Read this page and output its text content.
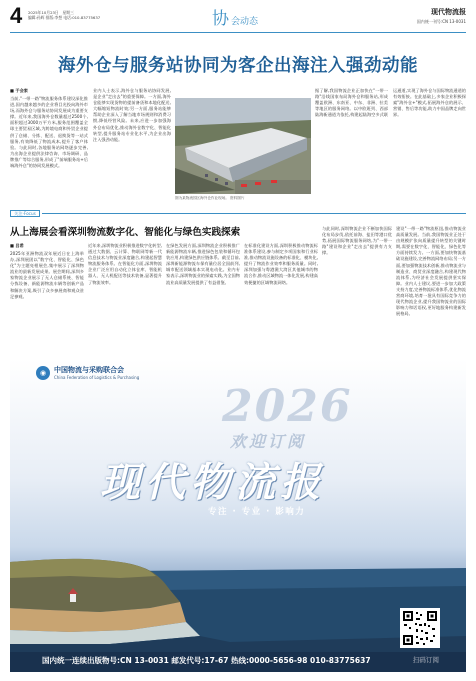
4 2025年10月23日　星期三
编辑:孙辉 排版:李想 电话:010-83775637	协会动态
现代物流报
国内统一刊号:CN 13-0031
海外仓与服务站协同为客企出海注入强劲动能
■ 于会家
当前,"一带一路"物流服务体系建设深化推进,国内越来越多的企业将目光投向海外市场,而海外仓与服务站协同发展成为重要支撑。近年来,我国海外仓数量超过2500个,面积超过3000万平方米,服务范围覆盖全球主要贸易区域,为跨境电商和外贸企业提供了仓储、分拣、配送、退换货等一站式服务,有效降低了物流成本,提升了客户体验。与此同时,各地服务站网络逐步完善,为出海企业提供法律咨询、市场调研、品牌推广等综合服务,形成了"前端服务站+后端海外仓"的协同发展模式。
业内人士表示,海外仓与服务站协同发展,是企业"走出去"的重要保障。一方面,海外仓能够实现货物的提前备货和本地化配送,大幅缩短物流时效;另一方面,服务站能够帮助企业深入了解当地市场规则和消费习惯,降低经营风险。未来,应进一步加强海外仓布局优化,推动海外仓数字化、智能化转型,提升服务站专业化水平,为企业出海注入强劲动能。
图为某物流园区海外仓作业现场。 资料图片
据了解,我国物流企业正加快在"一带一路"沿线国家布局海外仓和服务站,形成覆盖欧洲、东南亚、中东、非洲、拉美等地区的服务网络。以中欧班列、西部陆海新通道为依托,构建起陆海空多式联运通道,实现了海外仓与国际物流通道的有效衔接。在此基础上,多家企业积极探索"海外仓+"模式,拓展海外仓的展示、营销、售后等功能,助力中国品牌走向世界。
关注·Focus
从上海展会看深圳物流数字化、智能化与绿色实践探索
■ 吕希
2025年亚洲物流双年展近日在上海举办,深圳展团以"数字化、智能化、绿色化"为主题亮相展会,集中展示了深圳物流业的最新发展成果。展会期间,深圳多家物流企业展示了无人仓储系统、智能分拣设备、新能源物流车辆等创新产品和解决方案,吸引了众多参展商和观众驻足参观。
近年来,深圳物流业积极推进数字化转型,通过大数据、云计算、物联网等新一代信息技术与物流业深度融合,构建起智慧物流服务体系。在智能化方面,深圳物流企业广泛应用自动化立体仓库、智能机器人、无人机配送等技术装备,显著提升了物流效率。
在绿色发展方面,深圳物流企业积极推广新能源物流车辆,推进绿色包装和循环包装应用,构建绿色供应链体系。截至目前,深圳新能源物流车保有量位居全国前列,城市配送领域基本实现电动化。业内专家表示,深圳物流业的探索实践,为全国物流业高质量发展提供了有益借鉴。
在标准化建设方面,深圳积极推动物流标准体系建设,参与制定多项国家和行业标准,推动物流设施设备的标准化、模块化,提升了物流作业效率和服务质量。同时,深圳加强与粤港澳大湾区其他城市的物流合作,推动区域物流一体化发展,构建高效便捷的区域物流网络。
与此同时,深圳物流企业不断加快国际化布局步伐,依托前海、盐田等港口优势,拓展国际物流服务网络,为"一带一路"建设和企业"走出去"提供有力支撑。
建设"一带一路"物流枢纽,推动物流业高质量发展。当前,我国物流业正处于由规模扩张向质量提升转型的关键时期,需要在数字化、智能化、绿色化等方面持续发力。一方面,要加快物流基础设施建设,完善物流网络布局;另一方面,要加强物流技术创新,推动物流业与制造业、商贸业深度融合,构建现代物流体系,为经济社会发展提供坚实保障。业内人士建议,要进一步加大政策支持力度,完善物流标准体系,优化物流营商环境,培育一批具有国际竞争力的现代物流企业,提升我国物流业的国际影响力和话语权,更好地服务构建新发展格局。
◉	中国物流与采购联合会
China Federation of Logistics & Purchasing
2026
欢迎订阅
现代物流报
专注 · 专业 · 影响力
国内统一连续出版物号:CN 13-0031 邮发代号:17-67 热线:0000-5656-98 010-83775637
